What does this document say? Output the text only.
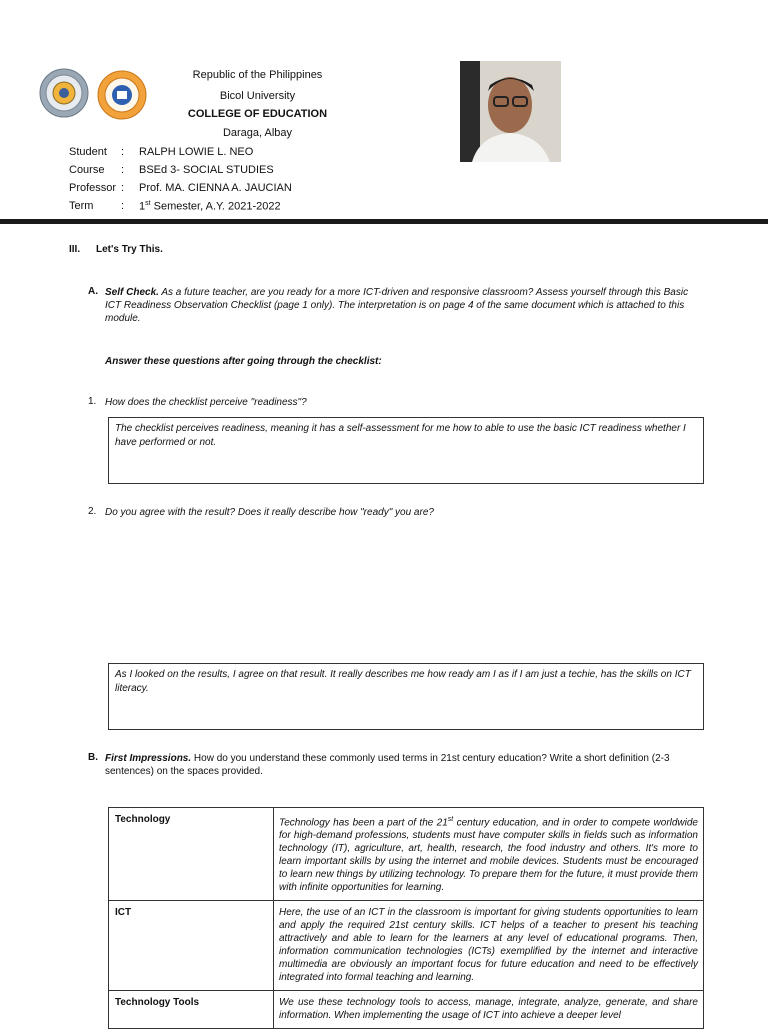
Republic of the Philippines
Bicol University
COLLEGE OF EDUCATION
Daraga, Albay
Student : RALPH LOWIE L. NEO
Course : BSEd 3- SOCIAL STUDIES
Professor : Prof. MA. CIENNA A. JAUCIAN
Term	: 1st Semester, A.Y. 2021-2022
III. Let's Try This.
A. Self Check. As a future teacher, are you ready for a more ICT-driven and responsive classroom? Assess yourself through this Basic ICT Readiness Observation Checklist (page 1 only). The interpretation is on page 4 of the same document which is attached to this module.
Answer these questions after going through the checklist:
1. How does the checklist perceive "readiness"?
The checklist perceives readiness, meaning it has a self-assessment for me how to able to use the basic ICT readiness whether I have performed or not.
2. Do you agree with the result? Does it really describe how "ready" you are?
As I looked on the results, I agree on that result. It really describes me how ready am I as if I am just a techie, has the skills on ICT literacy.
B. First Impressions. How do you understand these commonly used terms in 21st century education? Write a short definition (2-3 sentences) on the spaces provided.
Technology	Technology has been a part of the 21st century education, and in order to compete worldwide for high-demand professions, students must have computer skills in fields such as information technology (IT), agriculture, art, health, research, the food industry and others. It's more to learn important skills by using the internet and mobile devices. Students must be encouraged to learn new things by utilizing technology. To prepare them for the future, it must provide them with infinite opportunities for learning.
ICT	Here, the use of an ICT in the classroom is important for giving students opportunities to learn and apply the required 21st century skills. ICT helps of a teacher to present his teaching attractively and able to learn for the learners at any level of educational programs. Then, information communication technologies (ICTs) exemplified by the internet and interactive multimedia are obviously an important focus for future education and need to be effectively integrated into formal teaching and learning.
Technology Tools	We use these technology tools to access, manage, integrate, analyze, generate, and share information. When implementing the usage of ICT into achieve a deeper level
